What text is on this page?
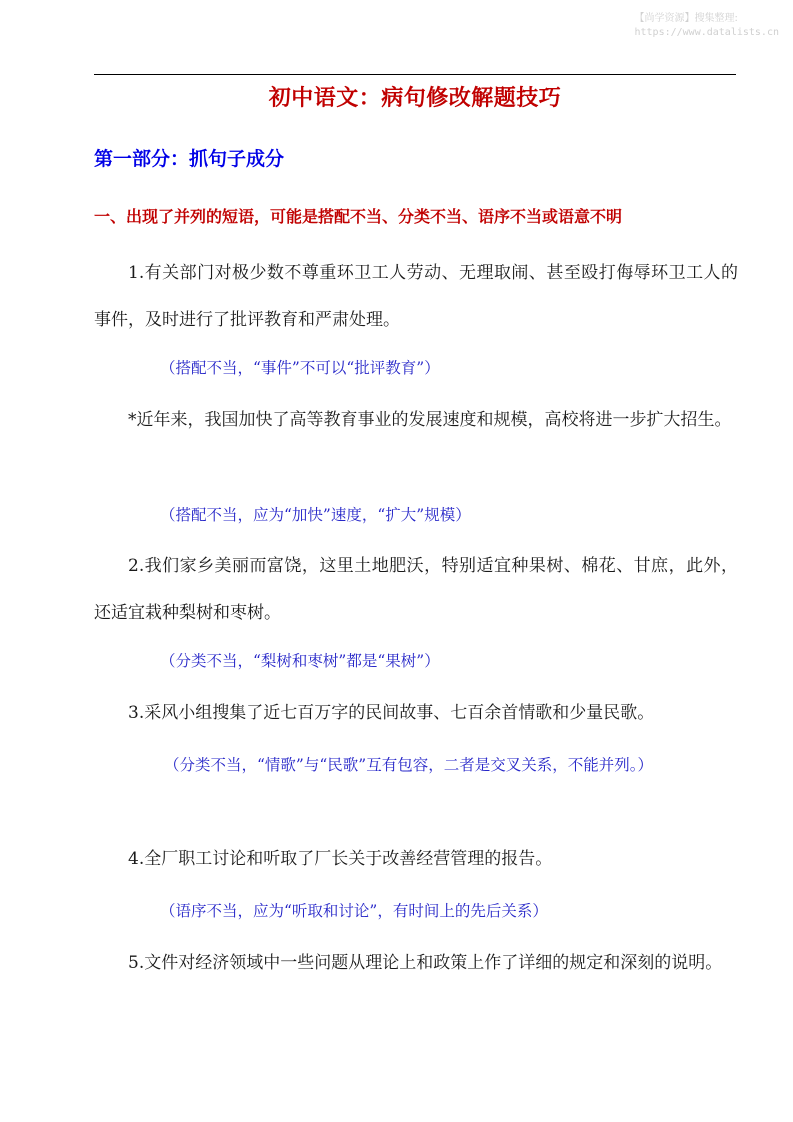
【尚学资源】搜集整理:
https://www.datalists.cn
初中语文：病句修改解题技巧
第一部分：抓句子成分
一、出现了并列的短语，可能是搭配不当、分类不当、语序不当或语意不明
1.有关部门对极少数不尊重环卫工人劳动、无理取闹、甚至殴打侮辱环卫工人的事件，及时进行了批评教育和严肃处理。
（搭配不当，“事件”不可以“批评教育”）
*近年来，我国加快了高等教育事业的发展速度和规模，高校将进一步扩大招生。
（搭配不当，应为“加快”速度，“扩大”规模）
2.我们家乡美丽而富饶，这里土地肥沃，特别适宜种果树、棉花、甘庶，此外，还适宜栽种梨树和枣树。
（分类不当，“梨树和枣树”都是“果树”）
3.采风小组搜集了近七百万字的民间故事、七百余首情歌和少量民歌。
（分类不当，“情歌”与“民歌”互有包容，二者是交叉关系，不能并列。）
4.全厂职工讨论和听取了厂长关于改善经营管理的报告。
（语序不当，应为“听取和讨论”，有时间上的先后关系）
5.文件对经济领域中一些问题从理论上和政策上作了详细的规定和深刻的说明。
